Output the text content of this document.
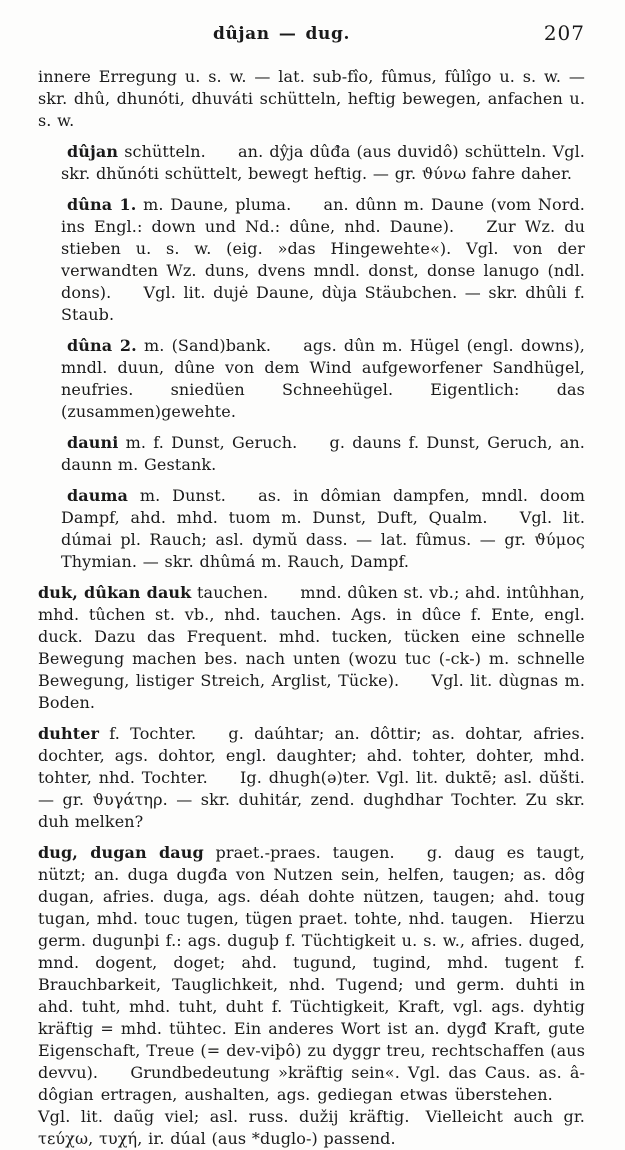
dûjan — dug.	207

innere Erregung u. s. w. — lat. sub-fîo, fûmus, fûlîgo u. s. w. — skr. dhû, dhunóti, dhuváti schütteln, heftig bewegen, anfachen u. s. w.

dûjan schütteln.  an. dŷja dûđa (aus duvidô) schütteln. Vgl. skr. dhŭnóti schüttelt, bewegt heftig. — gr. ϑύνω fahre daher.

dûna 1. m. Daune, pluma.  an. dûnn m. Daune (vom Nord. ins Engl.: down und Nd.: dûne, nhd. Daune).  Zur Wz. du stieben u. s. w. (eig. »das Hingewehte«). Vgl. von der verwandten Wz. duns, dvens mndl. donst, donse lanugo (ndl. dons).  Vgl. lit. dujė Daune, dùja Stäubchen. — skr. dhûli f. Staub.

dûna 2. m. (Sand)bank.  ags. dûn m. Hügel (engl. downs), mndl. duun, dûne von dem Wind aufgeworfener Sandhügel, neufries. sniedüen Schneehügel. Eigentlich: das (zusammen)gewehte.

dauni m. f. Dunst, Geruch.  g. dauns f. Dunst, Geruch, an. daunn m. Gestank.

dauma m. Dunst.  as. in dômian dampfen, mndl. doom Dampf, ahd. mhd. tuom m. Dunst, Duft, Qualm.  Vgl. lit. dúmai pl. Rauch; asl. dymŭ dass. — lat. fûmus. — gr. ϑύμος Thymian. — skr. dhûmá m. Rauch, Dampf.

duk, dûkan dauk tauchen.  mnd. dûken st. vb.; ahd. intûhhan, mhd. tûchen st. vb., nhd. tauchen. Ags. in dûce f. Ente, engl. duck. Dazu das Frequent. mhd. tucken, tücken eine schnelle Bewegung machen bes. nach unten (wozu tuc (-ck-) m. schnelle Bewegung, listiger Streich, Arglist, Tücke).  Vgl. lit. dùgnas m. Boden.

duhter f. Tochter.  g. daúhtar; an. dôttir; as. dohtar, afries. dochter, ags. dohtor, engl. daughter; ahd. tohter, dohter, mhd. tohter, nhd. Tochter.  Ig. dhugh(ə)ter. Vgl. lit. duktẽ; asl. dŭšti. — gr. ϑυγάτηρ. — skr. duhitár, zend. dughdhar Tochter. Zu skr. duh melken?

dug, dugan daug praet.-praes. taugen.  g. daug es taugt, nützt; an. duga dugđa von Nutzen sein, helfen, taugen; as. dôg dugan, afries. duga, ags. déah dohte nützen, taugen; ahd. toug tugan, mhd. touc tugen, tügen praet. tohte, nhd. taugen. Hierzu germ. dugunþi f.: ags. duguþ f. Tüchtigkeit u. s. w., afries. duged, mnd. dogent, doget; ahd. tugund, tugind, mhd. tugent f. Brauchbarkeit, Tauglichkeit, nhd. Tugend; und germ. duhti in ahd. tuht, mhd. tuht, duht f. Tüchtigkeit, Kraft, vgl. ags. dyhtig kräftig = mhd. tühtec. Ein anderes Wort ist an. dygđ Kraft, gute Eigenschaft, Treue (= dev-viþô) zu dyggr treu, rechtschaffen (aus devvu).  Grundbedeutung »kräftig sein«. Vgl. das Caus. as. â-dôgian ertragen, aushalten, ags. gediegan etwas überstehen.  Vgl. lit. daũg viel; asl. russ. dužij kräftig. Vielleicht auch gr. τεύχω, τυχή, ir. dúal (aus *duglo-) passend.
